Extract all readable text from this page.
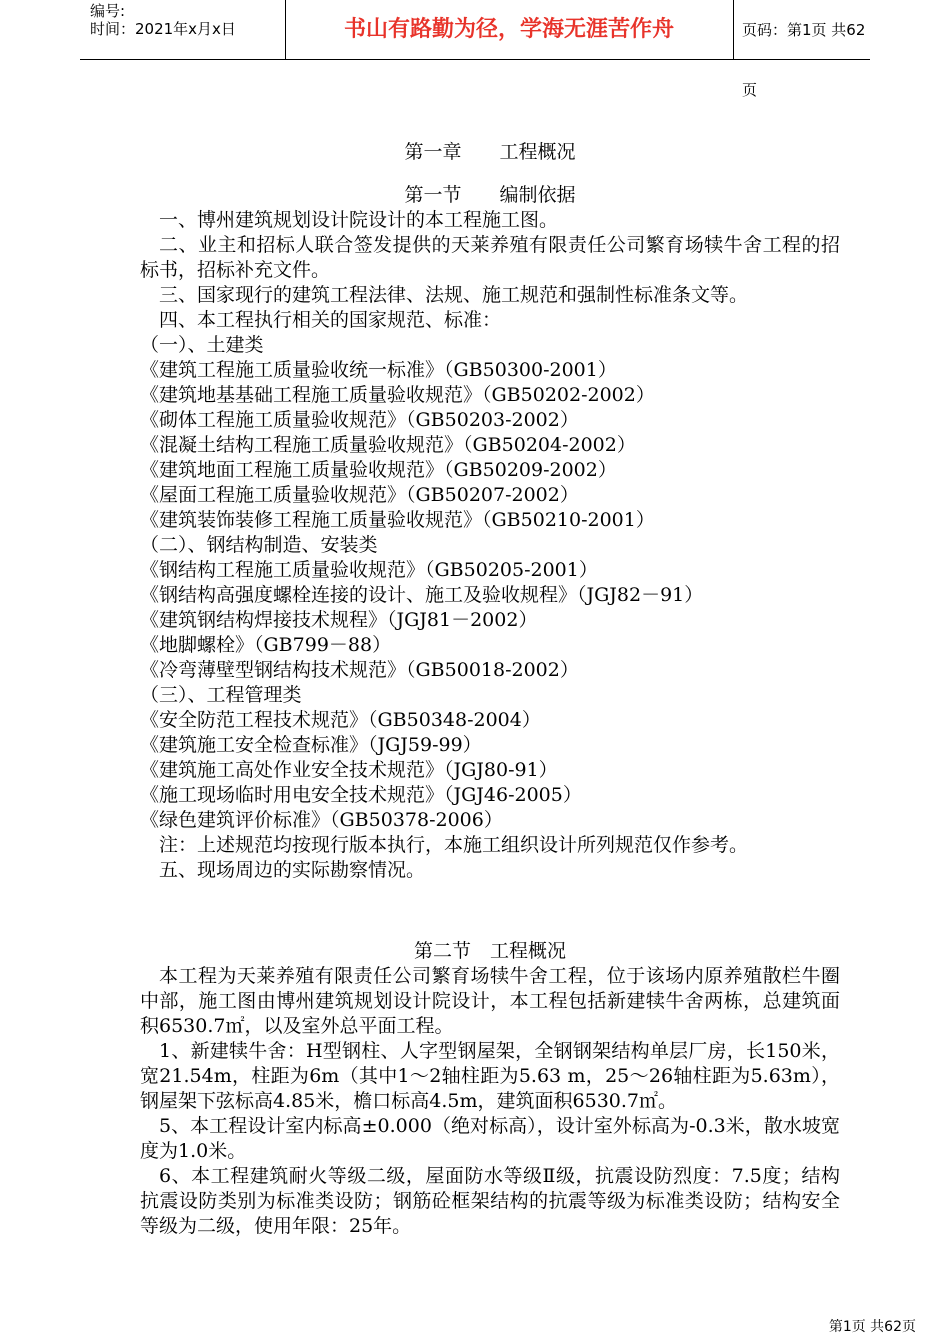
编号:
时间：2021年x月x日	书山有路勤为径，学海无涯苦作舟	页码：第1页 共62页
第一章　　工程概况
第一节　　编制依据
一、博州建筑规划设计院设计的本工程施工图。
二、业主和招标人联合签发提供的天莱养殖有限责任公司繁育场犊牛舍工程的招标书，招标补充文件。
三、国家现行的建筑工程法律、法规、施工规范和强制性标准条文等。
四、本工程执行相关的国家规范、标准：
（一）、土建类
《建筑工程施工质量验收统一标准》（GB50300-2001）
《建筑地基基础工程施工质量验收规范》（GB50202-2002）
《砌体工程施工质量验收规范》（GB50203-2002）
《混凝土结构工程施工质量验收规范》（GB50204-2002）
《建筑地面工程施工质量验收规范》（GB50209-2002）
《屋面工程施工质量验收规范》（GB50207-2002）
《建筑装饰装修工程施工质量验收规范》（GB50210-2001）
（二）、钢结构制造、安装类
《钢结构工程施工质量验收规范》（GB50205-2001）
《钢结构高强度螺栓连接的设计、施工及验收规程》（JGJ82－91）
《建筑钢结构焊接技术规程》（JGJ81－2002）
《地脚螺栓》（GB799－88）
《冷弯薄壁型钢结构技术规范》（GB50018-2002）
（三）、工程管理类
《安全防范工程技术规范》（GB50348-2004）
《建筑施工安全检查标准》（JGJ59-99）
《建筑施工高处作业安全技术规范》（JGJ80-91）
《施工现场临时用电安全技术规范》（JGJ46-2005）
《绿色建筑评价标准》（GB50378-2006）
注：上述规范均按现行版本执行，本施工组织设计所列规范仅作参考。
五、现场周边的实际勘察情况。
第二节　工程概况
本工程为天莱养殖有限责任公司繁育场犊牛舍工程，位于该场内原养殖散栏牛圈中部，施工图由博州建筑规划设计院设计，本工程包括新建犊牛舍两栋，总建筑面积6530.7㎡，以及室外总平面工程。
1、新建犊牛舍：H型钢柱、人字型钢屋架，全钢钢架结构单层厂房，长150米，宽21.54m，柱距为6m（其中1～2轴柱距为5.63 m，25～26轴柱距为5.63m），钢屋架下弦标高4.85米，檐口标高4.5m，建筑面积6530.7㎡。
5、本工程设计室内标高±0.000（绝对标高），设计室外标高为-0.3米，散水坡宽度为1.0米。
6、本工程建筑耐火等级二级，屋面防水等级Ⅱ级，抗震设防烈度：7.5度；结构抗震设防类别为标准类设防；钢筋砼框架结构的抗震等级为标准类设防；结构安全等级为二级，使用年限：25年。
第1页 共62页
